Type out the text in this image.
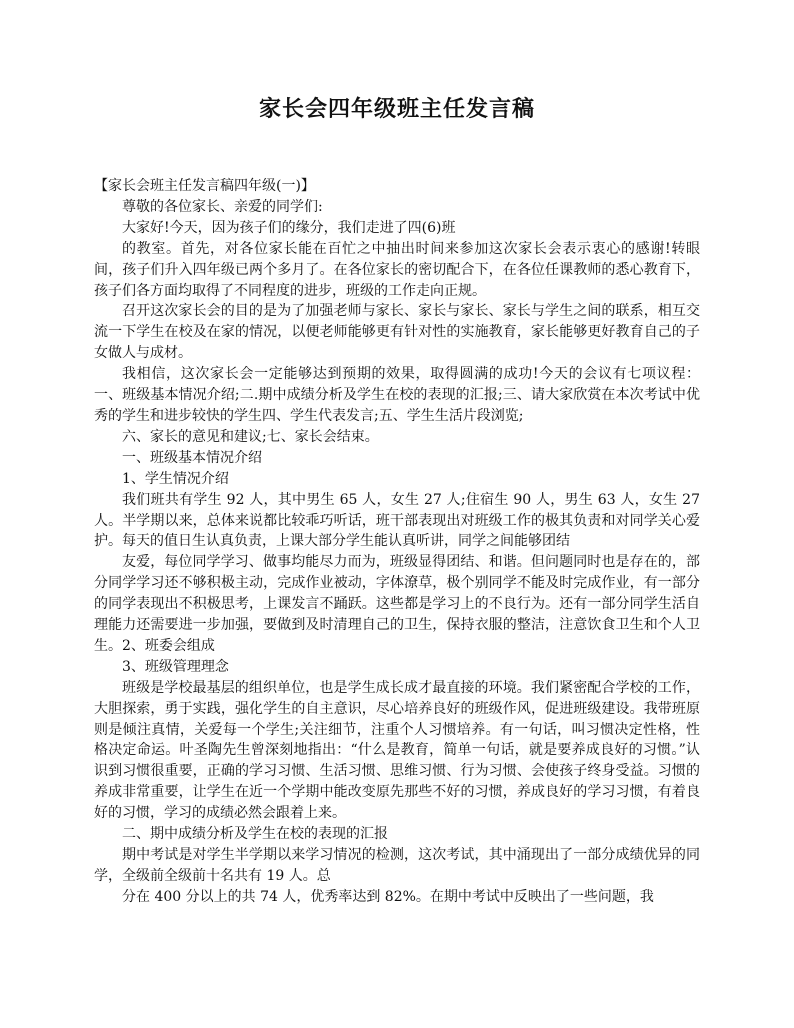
家长会四年级班主任发言稿

【家长会班主任发言稿四年级(一)】

尊敬的各位家长、亲爱的同学们:

大家好!今天，因为孩子们的缘分，我们走进了四(6)班

的教室。首先，对各位家长能在百忙之中抽出时间来参加这次家长会表示衷心的感谢!转眼间，孩子们升入四年级已两个多月了。在各位家长的密切配合下，在各位任课教师的悉心教育下，孩子们各方面均取得了不同程度的进步，班级的工作走向正规。

召开这次家长会的目的是为了加强老师与家长、家长与家长、家长与学生之间的联系，相互交流一下学生在校及在家的情况，以便老师能够更有针对性的实施教育，家长能够更好教育自己的子女做人与成材。

我相信，这次家长会一定能够达到预期的效果，取得圆满的成功!今天的会议有七项议程：一、班级基本情况介绍;二.期中成绩分析及学生在校的表现的汇报;三、请大家欣赏在本次考试中优秀的学生和进步较快的学生四、学生代表发言;五、学生生活片段浏览;

六、家长的意见和建议;七、家长会结束。

一、班级基本情况介绍

1、学生情况介绍

我们班共有学生 92 人，其中男生 65 人，女生 27 人;住宿生 90 人，男生 63 人，女生 27 人。半学期以来，总体来说都比较乖巧听话，班干部表现出对班级工作的极其负责和对同学关心爱护。每天的值日生认真负责，上课大部分学生能认真听讲，同学之间能够团结

友爱，每位同学学习、做事均能尽力而为，班级显得团结、和谐。但问题同时也是存在的，部分同学学习还不够积极主动，完成作业被动，字体潦草，极个别同学不能及时完成作业，有一部分的同学表现出不积极思考，上课发言不踊跃。这些都是学习上的不良行为。还有一部分同学生活自理能力还需要进一步加强，要做到及时清理自己的卫生，保持衣服的整洁，注意饮食卫生和个人卫生。2、班委会组成

3、班级管理理念

班级是学校最基层的组织单位，也是学生成长成才最直接的环境。我们紧密配合学校的工作，大胆探索，勇于实践，强化学生的自主意识，尽心培养良好的班级作风，促进班级建设。我带班原则是倾注真情，关爱每一个学生;关注细节，注重个人习惯培养。有一句话，叫习惯决定性格，性格决定命运。叶圣陶先生曾深刻地指出：“什么是教育，简单一句话，就是要养成良好的习惯。”认识到习惯很重要，正确的学习习惯、生活习惯、思维习惯、行为习惯、会使孩子终身受益。习惯的养成非常重要，让学生在近一个学期中能改变原先那些不好的习惯，养成良好的学习习惯，有着良好的习惯，学习的成绩必然会跟着上来。

二、期中成绩分析及学生在校的表现的汇报

期中考试是对学生半学期以来学习情况的检测，这次考试，其中涌现出了一部分成绩优异的同学，全级前全级前十名共有 19 人。总

分在 400 分以上的共 74 人，优秀率达到 82%。在期中考试中反映出了一些问题，我
